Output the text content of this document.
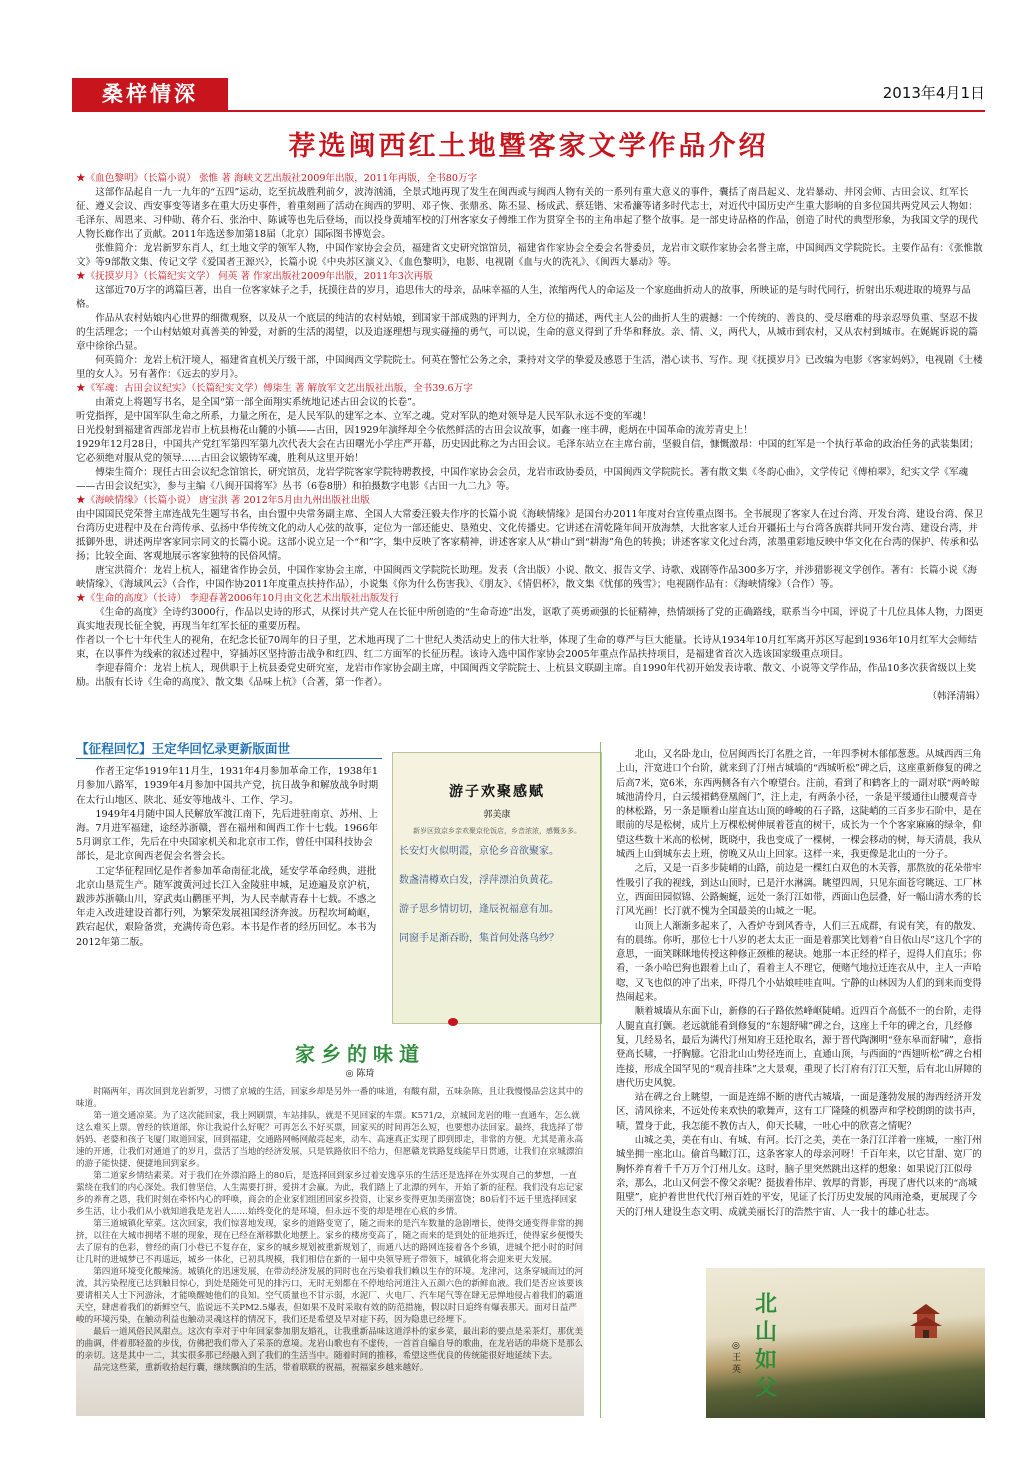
桑梓情深	2013年4月1日
荐选闽西红土地暨客家文学作品介绍

★《血色黎明》（长篇小说） 张惟 著 海峡文艺出版社2009年出版，2011年再版，全书80万字

这部作品起自一九一九年的“五四”运动，讫至抗战胜利前夕，波涛汹涌，全景式地再现了发生在闽西或与闽西人物有关的一系列有重大意义的事件，囊括了南昌起义、龙岩暴动、井冈会师、古田会议、红军长征、遵义会议、西安事变等诸多在重大历史事件，着重刻画了活动在闽西的罗明、邓子恢、张鼎丞、陈丕显、杨成武、蔡廷锴、宋希濂等诸多时代志士，对近代中国历史产生重大影响的自多位国共两党风云人物如：毛泽东、周恩来、习仲勋、蒋介石、张治中、陈诚等也先后登场，而以投身黄埔军校的汀州客家女子傅维工作为贯穿全书的主角串起了整个故事。是一部史诗品格的作品，创造了时代的典型形象，为我国文学的现代人物长廊作出了贡献。2011年选送参加第18届（北京）国际图书博览会。

张惟简介：龙岩新罗东肖人，红土地文学的领军人物，中国作家协会会员，福建省文史研究馆馆员，福建省作家协会全委会名誉委员，龙岩市文联作家协会名誉主席，中国闽西文学院院长。主要作品有：《张惟散文》等9部散文集、传记文学《爱国者王源兴》，长篇小说《中央苏区演义》、《血色黎明》，电影、电视剧《血与火的洗礼》、《闽西大暴动》等。

★《抚摸岁月》（长篇纪实文学） 何英 著 作家出版社2009年出版，2011年3次再版

这部近70万字的鸿篇巨著，出自一位客家妹子之手，抚摸往昔的岁月，追思伟大的母亲，品味幸福的人生，浓缩两代人的命运及一个家庭曲折动人的故事，所映证的是与时代同行，折射出乐观进取的境界与品格。

作品从农村姑娘内心世界的细微观察，以及从一个底层的纯洁的农村姑娘，到国家干部成熟的评判力，全方位的描述，两代主人公的曲折人生的震撼：一个传统的、善良的、受尽磨难的母亲忍辱负重、坚忍不拔的生活理念；一个山村姑娘对真善美的钟爱，对新的生活的渴望，以及追逐理想与现实碰撞的勇气，可以说，生命的意义得到了升华和释放。亲、情、义，两代人，从城市到农村，又从农村到城市。在娓娓诉说的篇章中徐徐凸显。

何英简介：龙岩上杭汗境人，福建省直机关厅级干部，中国闽西文学院院士。何英在警忙公务之余，秉持对文学的挚爱及感恩于生活，潜心读书、写作。现《抚摸岁月》已改编为电影《客家妈妈》，电视剧《土楼里的女人》。另有著作：《远去的岁月》。

★《军魂：古田会议纪实》（长篇纪实文学）傅柒生 著 解放军文艺出版社出版，全书39.6万字

由萧克上将题写书名，是全国“第一部全面翔实系统地记述古田会议的长卷”。

听党指挥，是中国军队生命之所系，力量之所在，是人民军队的建军之本、立军之魂。党对军队的绝对领导是人民军队永远不变的军魂！

日光投射到福建省西部龙岩市上杭县梅花山麓的小镇——古田，因1929年演绎却全今依然鲜活的古田会议故事，如鑫一座丰碑，彪炳在中国革命的流芳青史上！

1929年12月28日，中国共产党红军第四军第九次代表大会在古田曙光小学庄严开幕，历史因此称之为古田会议。毛泽东站立在主席台前，坚毅自信，慷慨激昂：中国的红军是一个执行革命的政治任务的武装集团；它必须绝对服从党的领导……古田会议锻铸军魂，胜利从这里开始！

傅柒生简介：现任古田会议纪念馆馆长，研究馆员，龙岩学院客家学院特聘教授，中国作家协会会员，龙岩市政协委员，中国闽西文学院院长。著有散文集《冬韵心曲》，文学传记《傅柏翠》，纪实文学《军魂——古田会议纪实》，参与主编《八闽开国将军》丛书（6卷8册）和拍摄数字电影《古田一九二九》等。

★《海峡情缘》（长篇小说） 唐宝洪 著 2012年5月由九州出版社出版

由中国国民党荣誉主席连战先生题写书名，由台盟中央常务副主席、全国人大常委汪毅夫作序的长篇小说《海峡情缘》是国台办2011年度对台宣传重点图书。全书展现了客家人在过台湾、开发台湾、建设台湾、保卫台湾历史进程中及在台湾传承、弘扬中华传统文化的动人心弦的故事，定位为一部还能史、垦殖史、文化传播史。它讲述在清乾隆年间开放海禁，大批客家人迁台开疆拓土与台湾各族群共同开发台湾、建设台湾，并抵御外患，讲述两岸客家同宗同文的长篇小说。这部小说立足一个“和”字，集中反映了客家精神，讲述客家人从“耕山”到“耕海”角色的转换；讲述客家文化过台湾，浓墨重彩地反映中华文化在台湾的保护、传承和弘扬；比较全面、客观地展示客家独特的民俗风情。

唐宝洪简介：龙岩上杭人，福建省作协会员，中国作家协会主席，中国闽西文学院院长助理。发表（含出版）小说、散文、报告文学、诗歌、戏剧等作品300多万字，并涉猎影视文学创作。著有：长篇小说《海峡情缘》、《海域风云》（合作，中国作协2011年度重点扶持作品），小说集《你为什么伤害我》、《朋友》、《情侣杯》，散文集《忧郁的残雪》；电视剧作品有：《海峡情缘》（合作）等。

★《生命的高度》（长诗） 李迎春著2006年10月由文化艺术出版社出版发行

《生命的高度》全诗约3000行，作品以史诗的形式，从探讨共产党人在长征中所创造的“生命奇迹”出发，讴歌了英勇顽强的长征精神，热情颂扬了党的正确路线，联系当今中国，评说了十几位具体人物，力图更真实地表现长征全貌，再现当年红军长征的重要历程。

作者以一个七十年代生人的视角，在纪念长征70周年的日子里，艺术地再现了二十世纪人类活动史上的伟大壮举，体现了生命的尊严与巨大能量。长诗从1934年10月红军离开苏区写起到1936年10月红军大会师结束，在以事件为线索的叙述过程中，穿插苏区坚持游击战争和红四、红二方面军的长征历程。该诗入选中国作家协会2005年重点作品扶持项目，是福建省首次入选该国家级重点项目。

李迎春简介：龙岩上杭人，现供职于上杭县委党史研究室，龙岩市作家协会副主席，中国闽西文学院院士、上杭县文联副主席。自1990年代初开始发表诗歌、散文、小说等文学作品，作品10多次获省级以上奖励。出版有长诗《生命的高度》、散文集《品味上杭》（合著，第一作者）。

（韩泽清辑）

【征程回忆】王定华回忆录更新版面世

作者王定华1919年11月生，1931年4月参加革命工作，1938年1月参加八路军，1939年4月参加中国共产党，抗日战争和解放战争时期在太行山地区、陕北、延安等地战斗、工作、学习。

1949年4月随中国人民解放军渡江南下，先后进驻南京、苏州、上海。7月进军福建，途经苏浙赣，晋在福州和闽西工作十七载。1966年5月调京工作，先后在中央国家机关和北京市工作，曾任中国科技协会部长，是北京闽西老促会名誉会长。

工定华征程回忆是作者参加革命南征北战，延安学革命经典，进批北京山垦荒生产。随军渡黄河过长江入金陵驻申城，足迹遍及京沪杭，跋涉苏浙赣山川，穿武夷山鹳匪平判，为人民幸献青春十七载。不惑之年走入改进建设首都行列，为繁荣发展祖国经济奔波。历程坎坷崎岖，跌宕起伏，艰险备赏，充满传奇色彩。本书是作者的经历回忆。本书为2012年第二版。

游子欢聚感赋
郭美康
新岁区致京乡亲欢聚京伦饭店，乡音浓浓，感慨多多。
长安灯火似明霞，京伦乡音欲聚家。
数盏清樽欢白发，浮萍漂泊负黄花。
游子思乡情切切，逢辰祝福意有加。
同窗手足渐吞盼，集首何处落乌纱？
家乡的味道
◎ 陈琦

时隔两年，再次回到龙岩新罗，习惯了京城的生活，回家乡却是另外一番的味道，有酸有甜，五味杂陈，且让我慢慢品尝这其中的味道。

第一道交通凉菜。为了这次能回家，我上网刷票，车站排队，就是不见回家的车票。K571/2，京城回龙岩的唯一直通车，怎么就这么难买上票。曾经的铁道部，你让我说什么好呢？可再怎么不好买票，回家买的时间再怎么短，也要想办法回家。最终，我选择了带妈妈、老婆和孩子飞厦门取道回家，回到福建，交通路网畅网敞亮起来，动车、高速真正实现了即到即走，非常的方便。尤其是莆永高速的开通，让我们对通道了的岁月，盘活了当地的经济发展，只是铁路依旧不给力，但愿赣龙铁路复线能早日贯通，让我们在京城漂泊的游子能快捷、便捷地回到家乡。

第二道家乡情结素菜。对于我们在外漂泊路上的80后，是选择回到家乡过着安逸享乐的生活还是选择在外实现自己的梦想，一直萦绕在我们的内心深处。我们曾坚信，人生需要打拼，爱拼才会赢。为此，我们踏上了北漂的列车，开始了新的征程。我们没有忘记家乡的养育之恩，我们时刻在牵怀内心的呼唤，商会的企业家们组团回家乡投资，让家乡变得更加美丽富饶；80后们不远千里选择回家乡生活，让小我们从小就知道我是龙岩人……始终变化的是环境，但永远不变的却是埋在心底的乡情。

第三道城镇化荤菜。这次回家，我们惊喜地发现，家乡的道路变宽了，随之而来的是汽车数量的急剧增长，使得交通变得非常的拥挤，以往在大城市拥堵不堪的现象，现在已经在渐移默化地摆上。家乡的楼房变高了，随之而来的是到处的征地拆迁，使得家乡便慢失去了原有的色彩，曾经的南门小巷已不复存在，家乡的城乡规划被重新规划了，而通八达的路网连接着各个乡镇，进城个把小时的时间让几时的进城梦已不再遥远，城乡一体化，已初具规模，我们相信在新的一届中央领导班子带领下，城镇化将会迎来更大发展。

第四道环境变化酸辣汤。城镇化的迅速发展，在带动经济发展的同时也在污染着我们赖以生存的环境。龙津河，这条穿城而过的河流，其污染程度已达到触目惊心，到处是随处可见的排污口，无时无刻都在不停地给河道注入五颜六色的新鲜血液。我们是否应该要该要请相关人士下河游泳，才能唤醒她他们的良知。空气质量也不甘示弱，水泥厂、火电厂、汽车尾气等在肆无忌惮地侵占着我们的霸道天空，肆虐着我们的新鲜空气，监说远不关PM2.5爆表，但如果不及时采取有效的防范措施，假以时日追终有爆表那天。面对日益严峻的环境污染，在触动利益也触动灵魂这样的情况下，我们还是希望及早对症下药，因为隐患已经埋下。

最后一道风俗民风甜点。这次有幸对于中年回家参加朋友婚礼，让我重新品味这道浮朴的家乡菜，最出彩的要点是采茶灯，那优美的曲调，伴着那轻盈的步伐，仿佛把我们带入了采茶的意境。龙岩山歌也有不虚传，一首首自编自导的歌曲，在龙岩话的串烧下是那么的亲切。这是其中一二，其实很多那已经融入到了我们的生活当中。随着时间的推移，希望这些优良的传统能很好地延续下去。

品完这些菜，重新收拾起行囊，继续飘泊的生活，带着联联的祝福，祝福家乡越来越好。

北山，又名卧龙山，位居闽西长汀名胜之首，一年四季树木郁郁葱葱。从城西西三角上山，汗宽进口个台阶，就来到了汀州古城墙的“西城听松”碑之后，这座重新修复的碑之后高7米，宽6米，东西两侧各有六个嘹望台。注前，看到了和鹤客上的一副对联“两岭晾城池清伶月，白云缓裙鹤登凰阁门”，注上走，有两条小径，一条是平缓通往山腰观音寺的林松路，另一条是顺着山崖直达山顶的峰峻的石子路，这陡峭的三百多步石阶中，是在眼前的尽是松树，成片上万棵松树伸展着苍直的树干，成长为一个个客家麻麻的绿伞，仰望这些数十米高的松树，既晓中，我也变成了一棵树，一棵会移动的树，每天清晨，我从城西上山到城东去上班，傍晚又从山上回家。这样一来，我更像是北山的一分子。

之后，又是一百多步陡峭的山路，前边是一棵红白双色的木芙蓉，那熬放的花朵带牢性吸引了我的视线，到达山顶时，已是汗水淋漓。眺望四周，只见东面苍穹眺远、工厂林立，西面田园似锦、公路蜿蜒，远处一条汀江如带，西面山色层叠，好一幅山清水秀的长汀风光画！长汀就不愧为全国最美的山城之一呢。

山顶上人渐渐多起来了，入香炉寺到风香寺，人们三五成群，有说有笑，有的散发、有的晨练。你听，那位七十八岁的老太太正一面是着那笑比划着“自日依山尽”这几个字的意思，一面笑眯眯地传授这种修正颈椎的秘诀。她那一本正经的样子，逗得人们直乐；你看，一条小哈巴狗也跟着上山了，看着主人不理它，便赌气地拉迁连衣从中，主人一声哈唿，又飞也似的冲了出来，吓得几个小姑娘哇哇直叫。宁静的山林因为人们的到来而变得热闹起来。

顺着城墙从东面下山，新修的石子路依然峰岖陡峭。近四百个高低不一的台阶，走得人腿直直打颤。老远就能看到修复的“东翅舒啸”碑之台，这座上千年的碑之台，几经修复，几经易名，最后为满代汀州知府王廷抡取名，源于晋代陶渊明“登东皋而舒啸”，意指登高长啸，一抒胸臆。它沿北山山势径连而上，直通山顶，与西面的“西翅听松”碑之台相连接，形成全国罕见的“观音挂珠”之大景观，重现了长汀府有汀江天堑，后有北山屏障的唐代历史风貌。

站在碑之台上眺望，一面是连绵不断的唐代古城墙，一面是蓬勃发展的海西经济开发区，清风徐来，不远处传来欢快的歌舞声，这有工厂隆隆的机器声和学校朗朗的读书声，啧，置身于此，我怎能不教仿古人，仰天长啸，一吐心中的欣喜之情呢？

山城之美，美在有山、有城、有河。长汀之美，美在一条汀江洋着一座城，一座汀州城坐拥一座北山。偷首鸟瞰汀江，这条客家人的母亲河呀！千百年来，以它甘甜、宽厂的胸怀养育着千千万万个汀州儿女。这时，脑子里突然跳出这样的想象：如果说汀江似母亲，那么，北山又何尝不像父亲呢？挺拔着伟岸、敦厚的背影，再现了唐代以来的“高城阻壁”，庇护着世世代代汀州百姓的平安，见证了长汀历史发展的风雨沧桑，更展现了今天的汀州人建设生态文明、成就美丽长汀的浩然宇宙、人一我十的雄心壮志。

北山如父
◎王英
